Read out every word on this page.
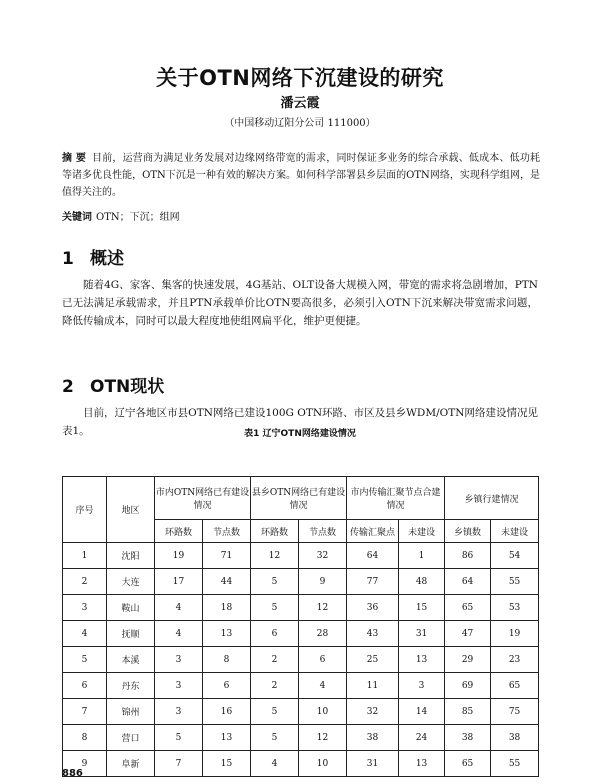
关于OTN网络下沉建设的研究
潘云霞
（中国移动辽阳分公司 111000）
摘 要 目前，运营商为满足业务发展对边缘网络带宽的需求，同时保证多业务的综合承载、低成本、低功耗等诸多优良性能，OTN下沉是一种有效的解决方案。如何科学部署县乡层面的OTN网络，实现科学组网，是值得关注的。
关键词 OTN；下沉；组网
1 概述
随着4G、家客、集客的快速发展，4G基站、OLT设备大规模入网，带宽的需求将急剧增加，PTN已无法满足承载需求，并且PTN承载单价比OTN要高很多，必须引入OTN下沉来解决带宽需求问题，降低传输成本，同时可以最大程度地使组网扁平化，维护更便捷。
2 OTN现状
目前，辽宁各地区市县OTN网络已建设100G OTN环路、市区及县乡WDM/OTN网络建设情况见表1。	表1 辽宁OTN网络建设情况
序号	地区	市内OTN网络已有建设情况		县乡OTN网络已有建设情况		市内传输汇聚节点合建情况		乡镇行建情况	
		环路数	节点数	环路数	节点数	传输汇聚点	未建设	乡镇数	未建设
1	沈阳	19	71	12	32	64	1	86	54
2	大连	17	44	5	9	77	48	64	55
3	鞍山	4	18	5	12	36	15	65	53
4	抚顺	4	13	6	28	43	31	47	19
5	本溪	3	8	2	6	25	13	29	23
6	丹东	3	6	2	4	11	3	69	65
7	锦州	3	16	5	10	32	14	85	75
8	营口	5	13	5	12	38	24	38	38
9	阜新	7	15	4	10	31	13	65	55
886
